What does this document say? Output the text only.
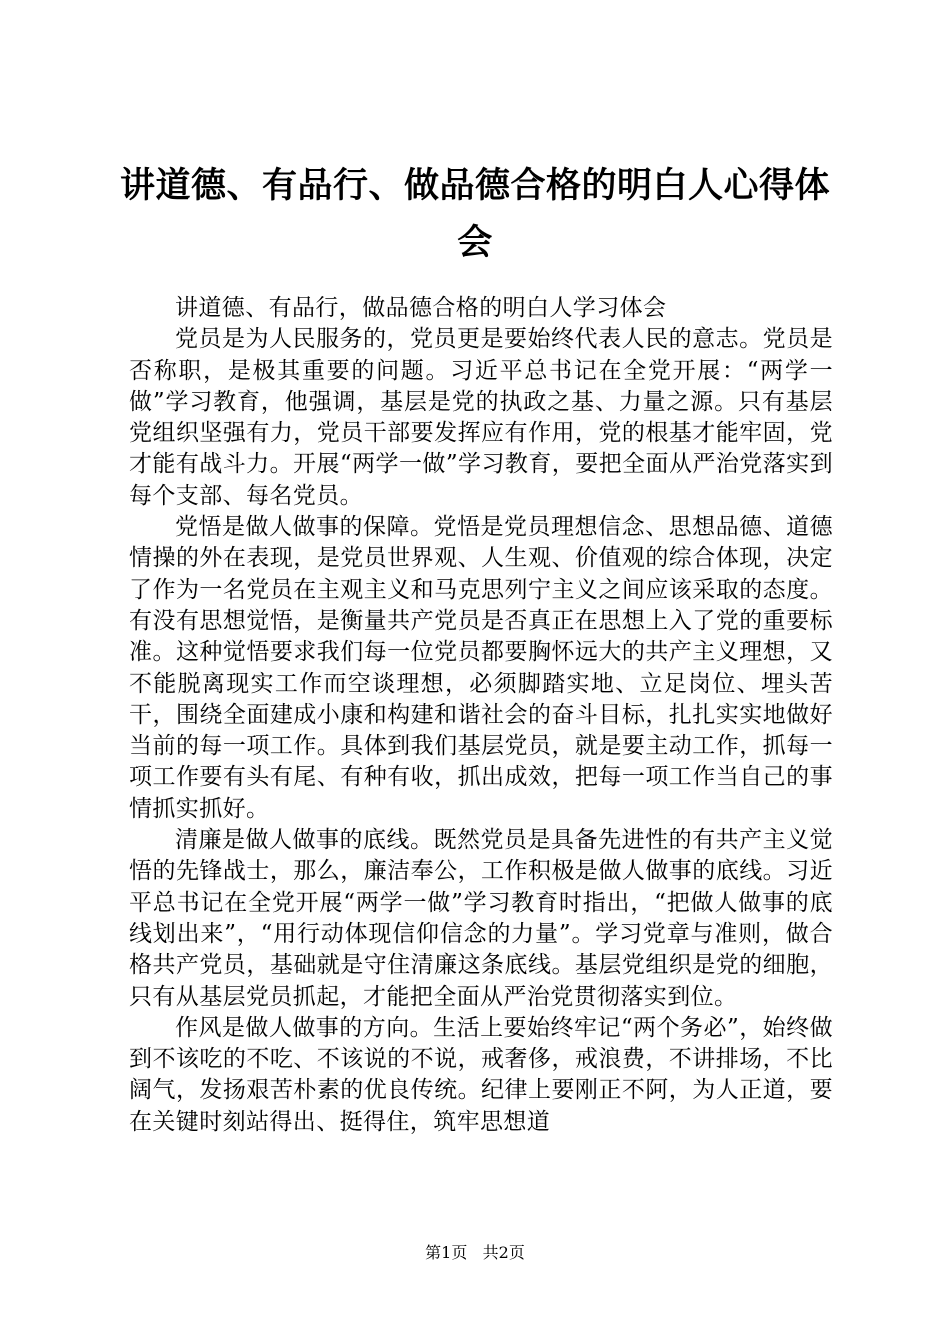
讲道德、有品行、做品德合格的明白人心得体会

讲道德、有品行，做品德合格的明白人学习体会

党员是为人民服务的，党员更是要始终代表人民的意志。党员是否称职，是极其重要的问题。习近平总书记在全党开展：“两学一做”学习教育，他强调，基层是党的执政之基、力量之源。只有基层党组织坚强有力，党员干部要发挥应有作用，党的根基才能牢固，党才能有战斗力。开展“两学一做”学习教育，要把全面从严治党落实到每个支部、每名党员。

党悟是做人做事的保障。党悟是党员理想信念、思想品德、道德情操的外在表现，是党员世界观、人生观、价值观的综合体现，决定了作为一名党员在主观主义和马克思列宁主义之间应该采取的态度。有没有思想觉悟，是衡量共产党员是否真正在思想上入了党的重要标准。这种觉悟要求我们每一位党员都要胸怀远大的共产主义理想，又不能脱离现实工作而空谈理想，必须脚踏实地、立足岗位、埋头苦干，围绕全面建成小康和构建和谐社会的奋斗目标，扎扎实实地做好当前的每一项工作。具体到我们基层党员，就是要主动工作，抓每一项工作要有头有尾、有种有收，抓出成效，把每一项工作当自己的事情抓实抓好。

清廉是做人做事的底线。既然党员是具备先进性的有共产主义觉悟的先锋战士，那么，廉洁奉公，工作积极是做人做事的底线。习近平总书记在全党开展“两学一做”学习教育时指出，“把做人做事的底线划出来”，“用行动体现信仰信念的力量”。学习党章与准则，做合格共产党员，基础就是守住清廉这条底线。基层党组织是党的细胞，只有从基层党员抓起，才能把全面从严治党贯彻落实到位。

作风是做人做事的方向。生活上要始终牢记“两个务必”，始终做到不该吃的不吃、不该说的不说，戒奢侈，戒浪费，不讲排场，不比阔气，发扬艰苦朴素的优良传统。纪律上要刚正不阿，为人正道，要在关键时刻站得出、挺得住，筑牢思想道

第1页 共2页
